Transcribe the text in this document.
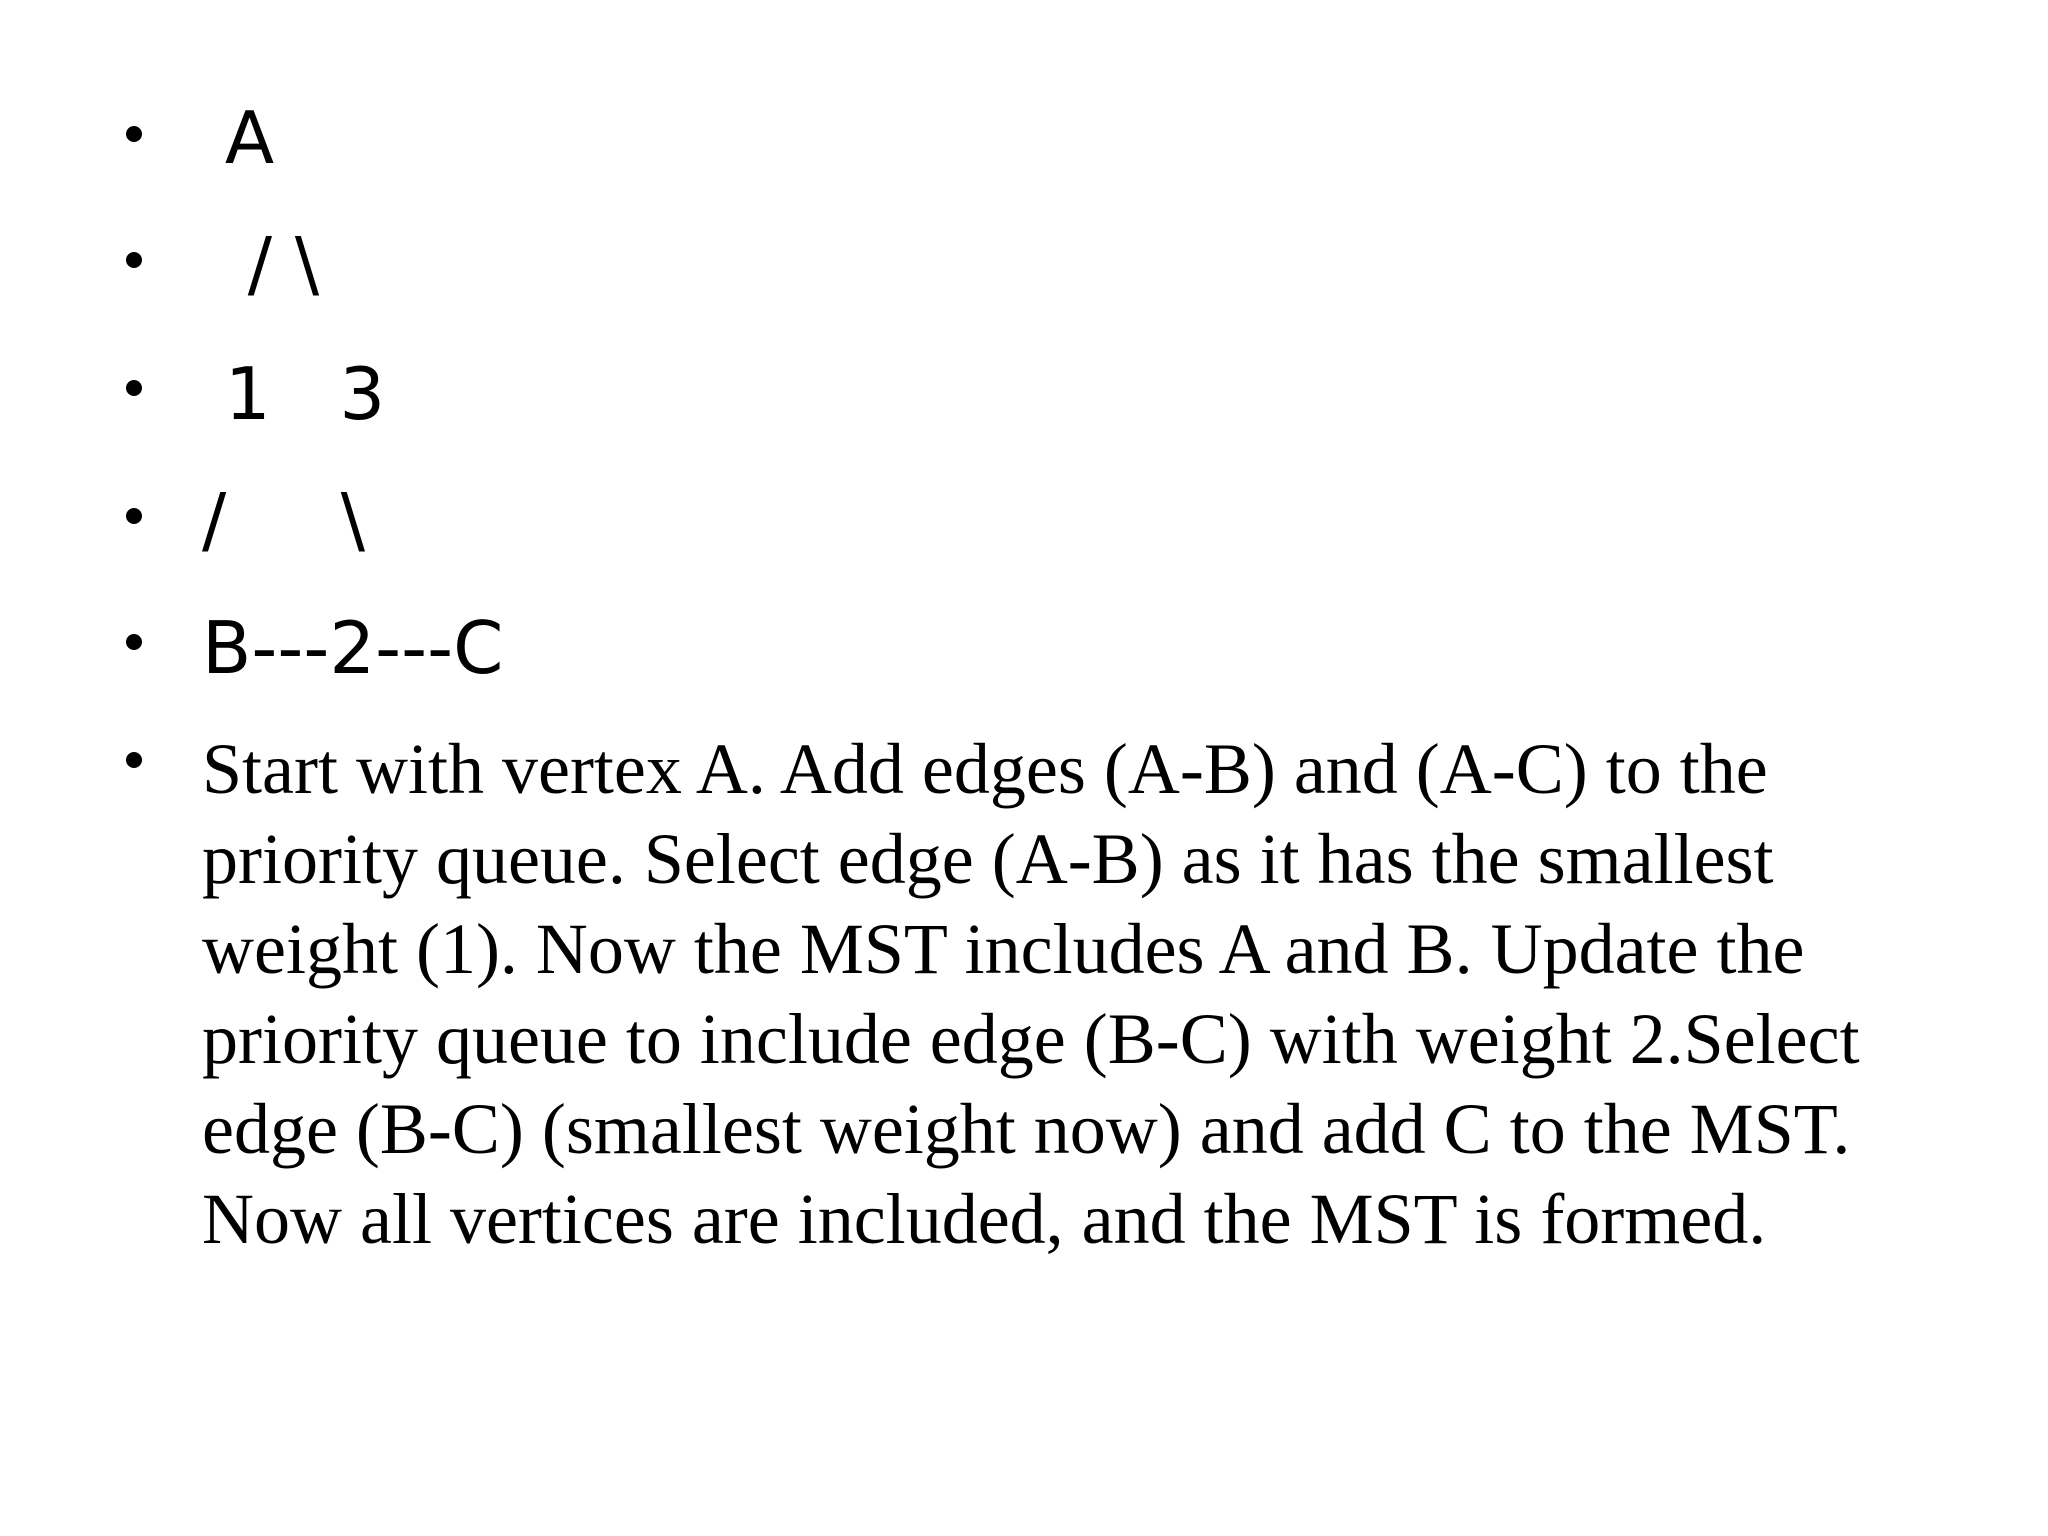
A
/ \
1   3
/     \
B---2---C
Start with vertex A. Add edges (A-B) and (A-C) to the
priority queue. Select edge (A-B) as it has the smallest
weight (1). Now the MST includes A and B. Update the
priority queue to include edge (B-C) with weight 2.Select
edge (B-C) (smallest weight now) and add C to the MST.
Now all vertices are included, and the MST is formed.
